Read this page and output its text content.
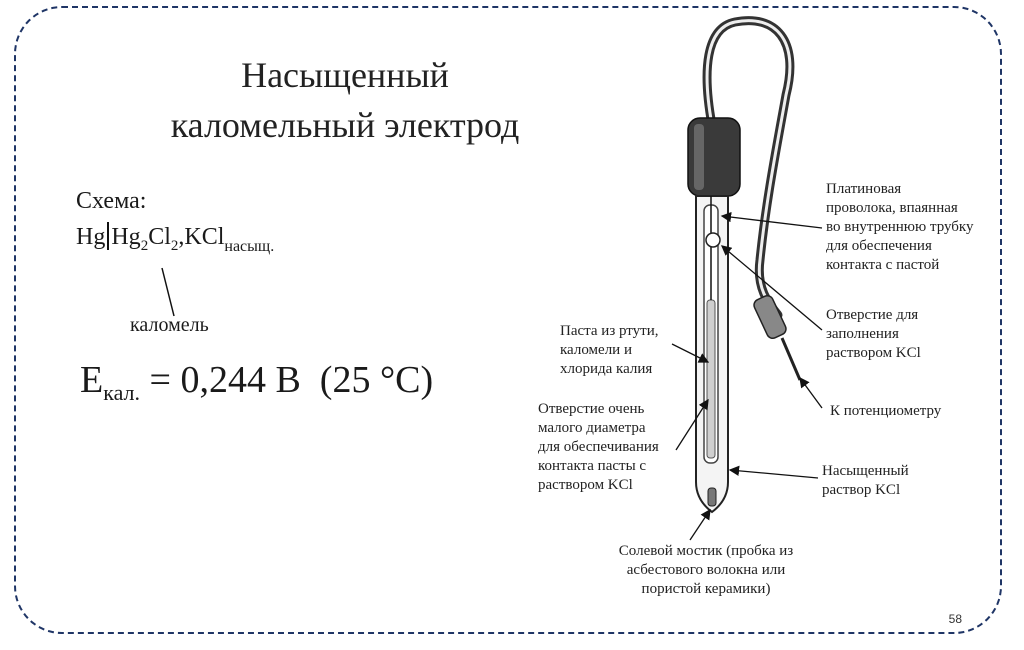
Насыщенный
каломельный электрод
Схема:
Hg $Hg_2Cl_2,KCl_{насыщ.}$
каломель
$E_{кал.} = 0,244$ В (25 °C)
Платиновая
проволока, впаянная
во внутреннюю трубку
для обеспечения
контакта с пастой
Отверстие для
заполнения
раствором KCl
К потенциометру
Насыщенный
раствор KCl
Паста из ртути,
каломели и
хлорида калия
Отверстие очень
малого диаметра
для обеспечивания
контакта пасты с
раствором KCl
Солевой мостик (пробка из
асбестового волокна или
пористой керамики)
58
